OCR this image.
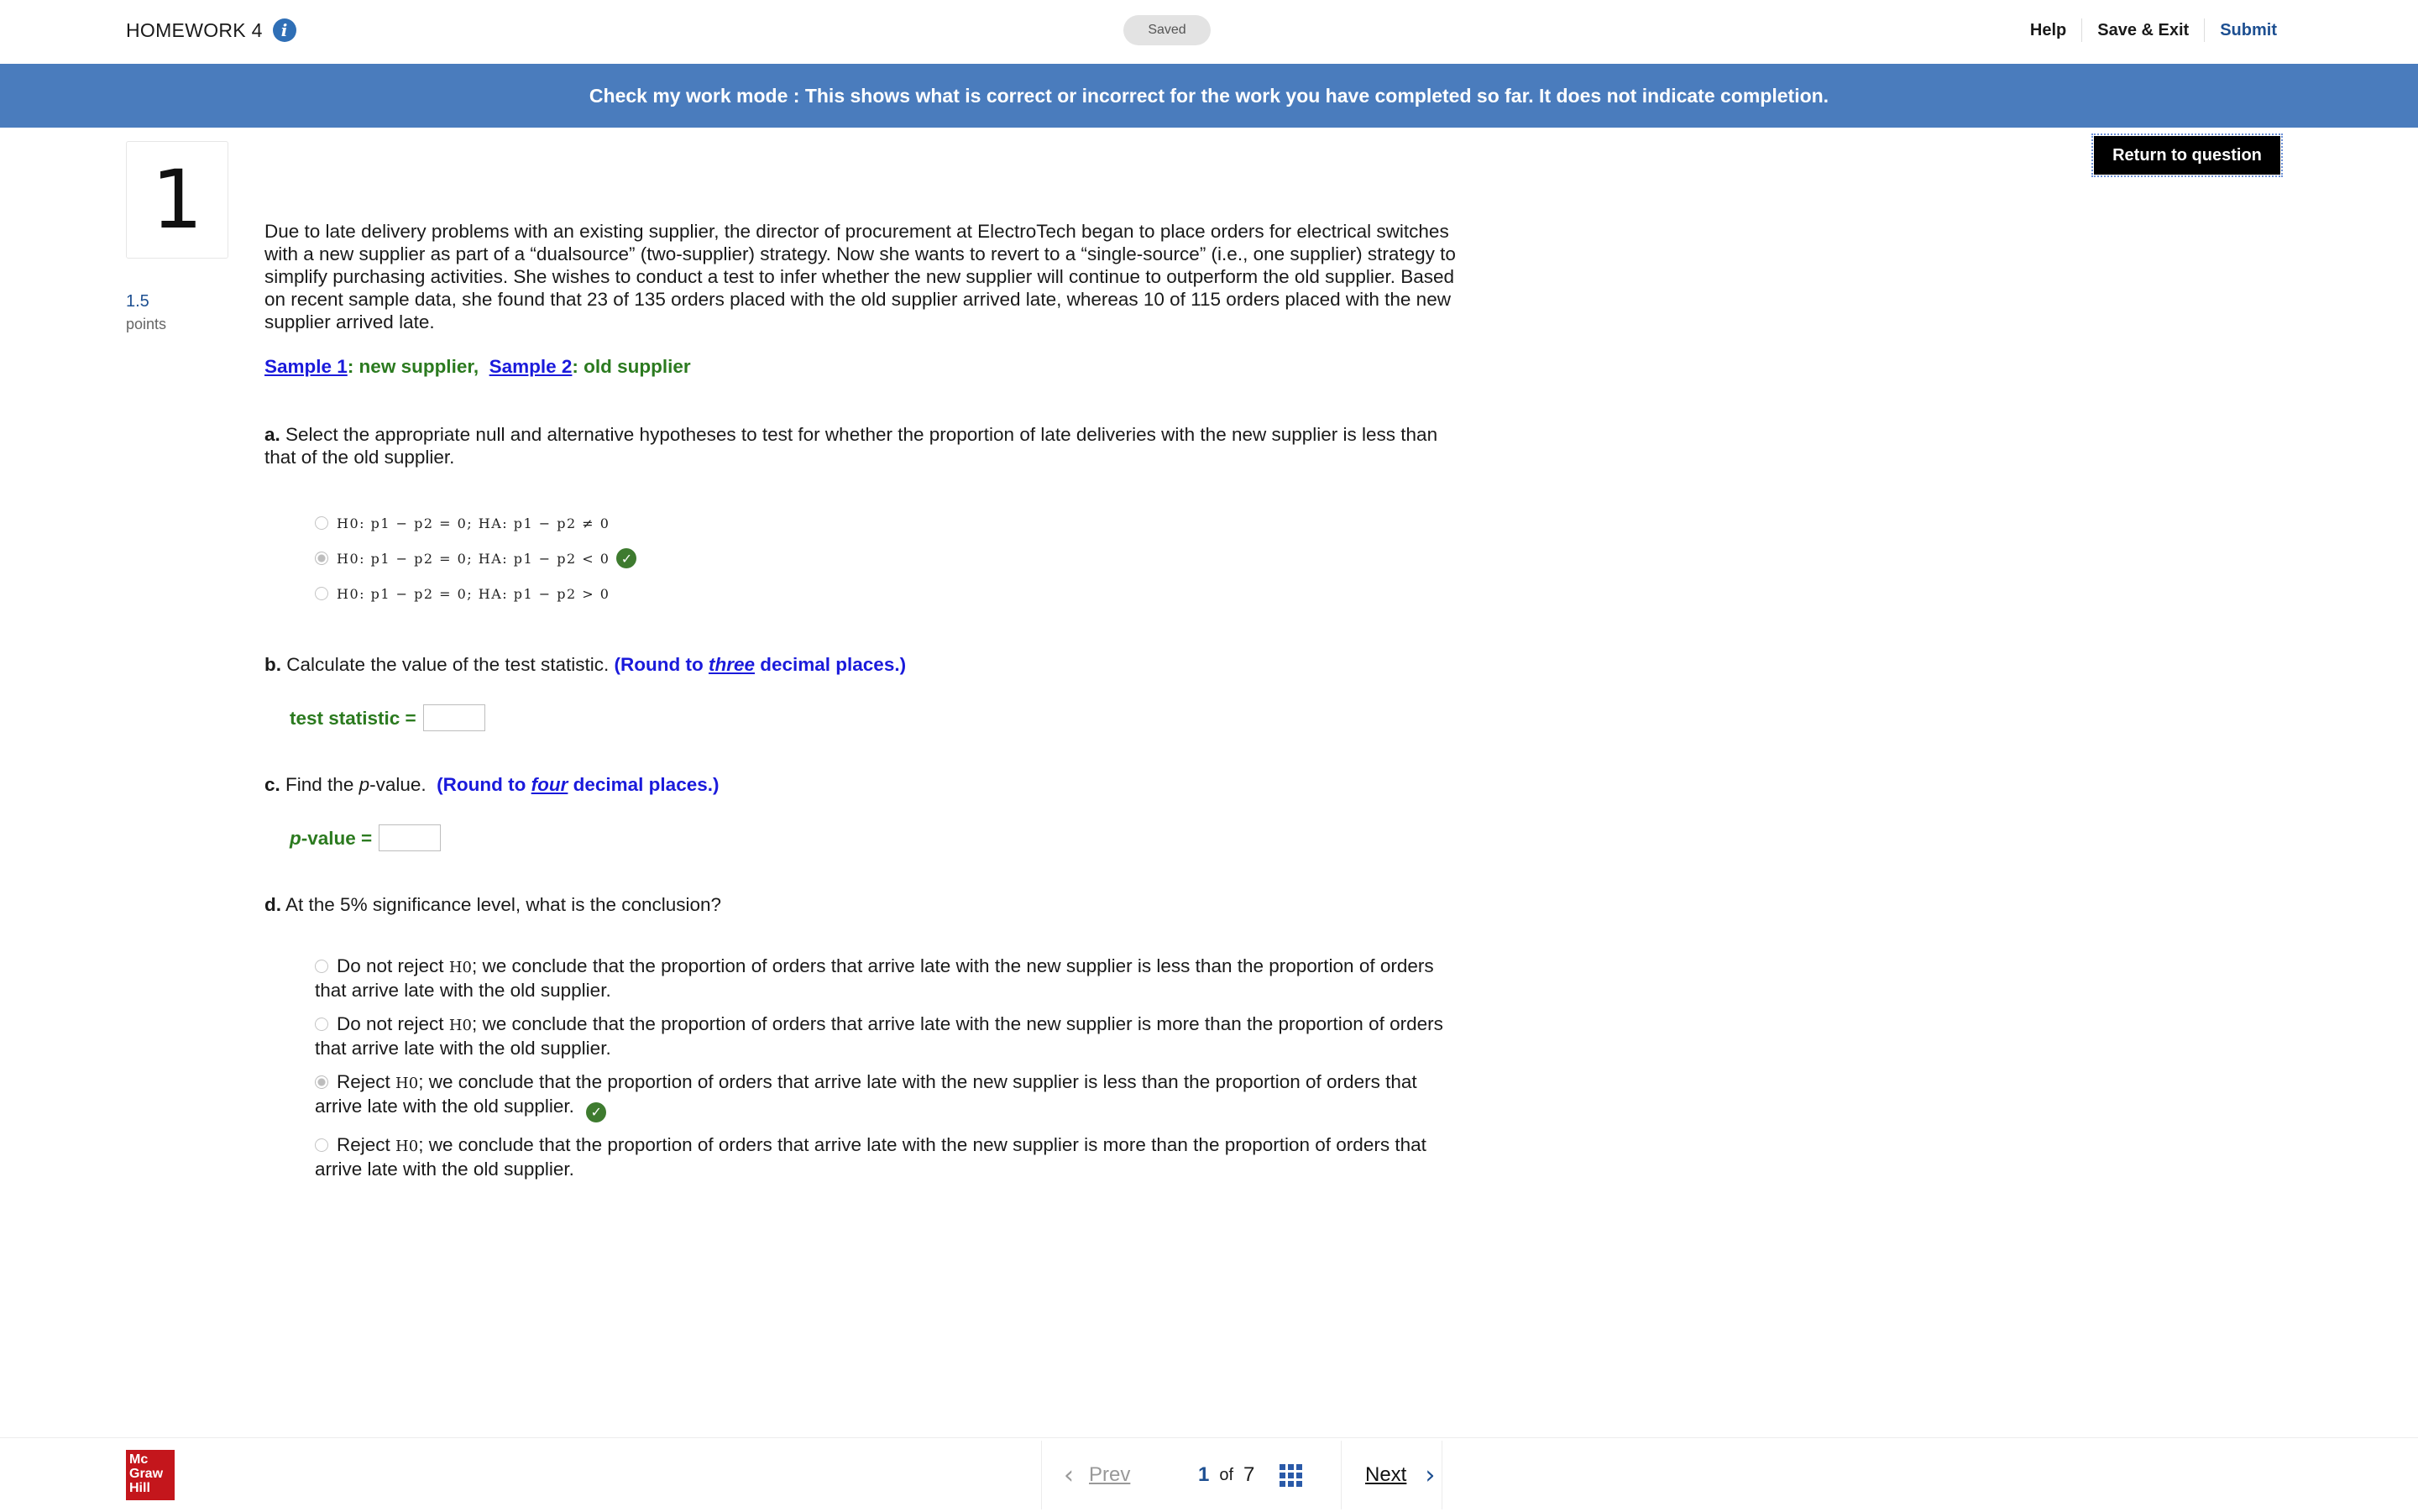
HOMEWORK 4	i	Saved	Help	Save & Exit	Submit
Check my work mode : This shows what is correct or incorrect for the work you have completed so far. It does not indicate completion.
1
1.5
points
Return to question

Due to late delivery problems with an existing supplier, the director of procurement at ElectroTech began to place orders for electrical switches with a new supplier as part of a “dualsource” (two-supplier) strategy. Now she wants to revert to a “single-source” (i.e., one supplier) strategy to simplify purchasing activities. She wishes to conduct a test to infer whether the new supplier will continue to outperform the old supplier. Based on recent sample data, she found that 23 of 135 orders placed with the old supplier arrived late, whereas 10 of 115 orders placed with the new supplier arrived late.

Sample 1: new supplier, Sample 2: old supplier
a. Select the appropriate null and alternative hypotheses to test for whether the proportion of late deliveries with the new supplier is less than that of the old supplier.
H0: p1 − p2 = 0; HA: p1 − p2 ≠ 0
H0: p1 − p2 = 0; HA: p1 − p2 < 0 ✓
H0: p1 − p2 = 0; HA: p1 − p2 > 0
b. Calculate the value of the test statistic. (Round to three decimal places.)
test statistic =
c. Find the p-value. (Round to four decimal places.)
p -value =
d. At the 5% significance level, what is the conclusion?
Do not reject H0; we conclude that the proportion of orders that arrive late with the new supplier is less than the proportion of orders that arrive late with the old supplier.
Do not reject H0; we conclude that the proportion of orders that arrive late with the new supplier is more than the proportion of orders that arrive late with the old supplier.
Reject H0; we conclude that the proportion of orders that arrive late with the new supplier is less than the proportion of orders that arrive late with the old supplier. ✓
Reject H0; we conclude that the proportion of orders that arrive late with the new supplier is more than the proportion of orders that arrive late with the old supplier.
Mc
Graw
Hill	‹ Prev	1 of 7	Next ›
